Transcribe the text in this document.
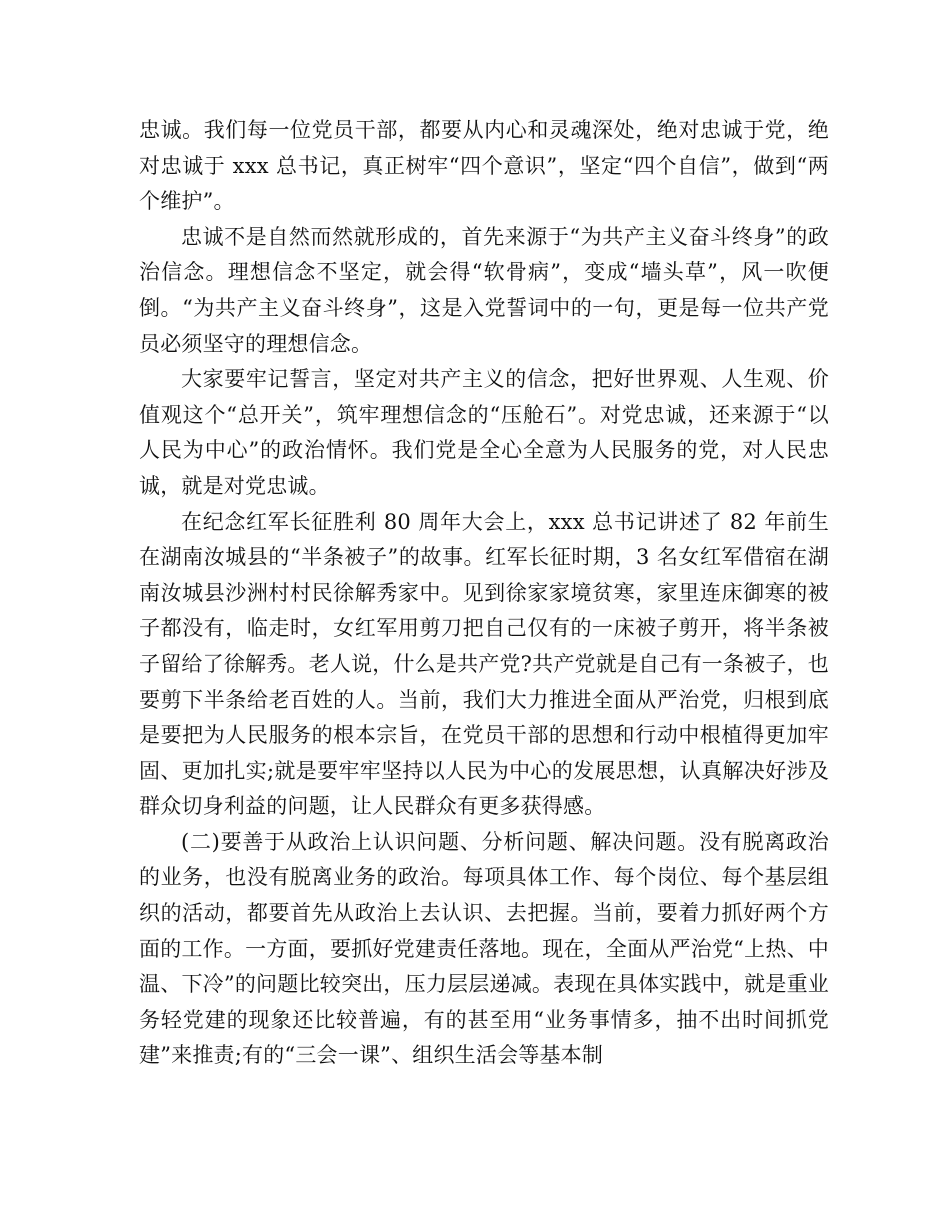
忠诚。我们每一位党员干部，都要从内心和灵魂深处，绝对忠诚于党，绝对忠诚于 xxx 总书记，真正树牢“四个意识”，坚定“四个自信”，做到“两个维护”。

忠诚不是自然而然就形成的，首先来源于“为共产主义奋斗终身”的政治信念。理想信念不坚定，就会得“软骨病”，变成“墙头草”，风一吹便倒。“为共产主义奋斗终身”，这是入党誓词中的一句，更是每一位共产党员必须坚守的理想信念。

大家要牢记誓言，坚定对共产主义的信念，把好世界观、人生观、价值观这个“总开关”，筑牢理想信念的“压舱石”。对党忠诚，还来源于“以人民为中心”的政治情怀。我们党是全心全意为人民服务的党，对人民忠诚，就是对党忠诚。

在纪念红军长征胜利 80 周年大会上，xxx 总书记讲述了 82 年前生在湖南汝城县的“半条被子”的故事。红军长征时期，3 名女红军借宿在湖南汝城县沙洲村村民徐解秀家中。见到徐家家境贫寒，家里连床御寒的被子都没有，临走时，女红军用剪刀把自己仅有的一床被子剪开，将半条被子留给了徐解秀。老人说，什么是共产党?共产党就是自己有一条被子，也要剪下半条给老百姓的人。当前，我们大力推进全面从严治党，归根到底是要把为人民服务的根本宗旨，在党员干部的思想和行动中根植得更加牢固、更加扎实;就是要牢牢坚持以人民为中心的发展思想，认真解决好涉及群众切身利益的问题，让人民群众有更多获得感。

(二)要善于从政治上认识问题、分析问题、解决问题。没有脱离政治的业务，也没有脱离业务的政治。每项具体工作、每个岗位、每个基层组织的活动，都要首先从政治上去认识、去把握。当前，要着力抓好两个方面的工作。一方面，要抓好党建责任落地。现在，全面从严治党“上热、中温、下冷”的问题比较突出，压力层层递减。表现在具体实践中，就是重业务轻党建的现象还比较普遍，有的甚至用“业务事情多，抽不出时间抓党建”来推责;有的“三会一课”、组织生活会等基本制
